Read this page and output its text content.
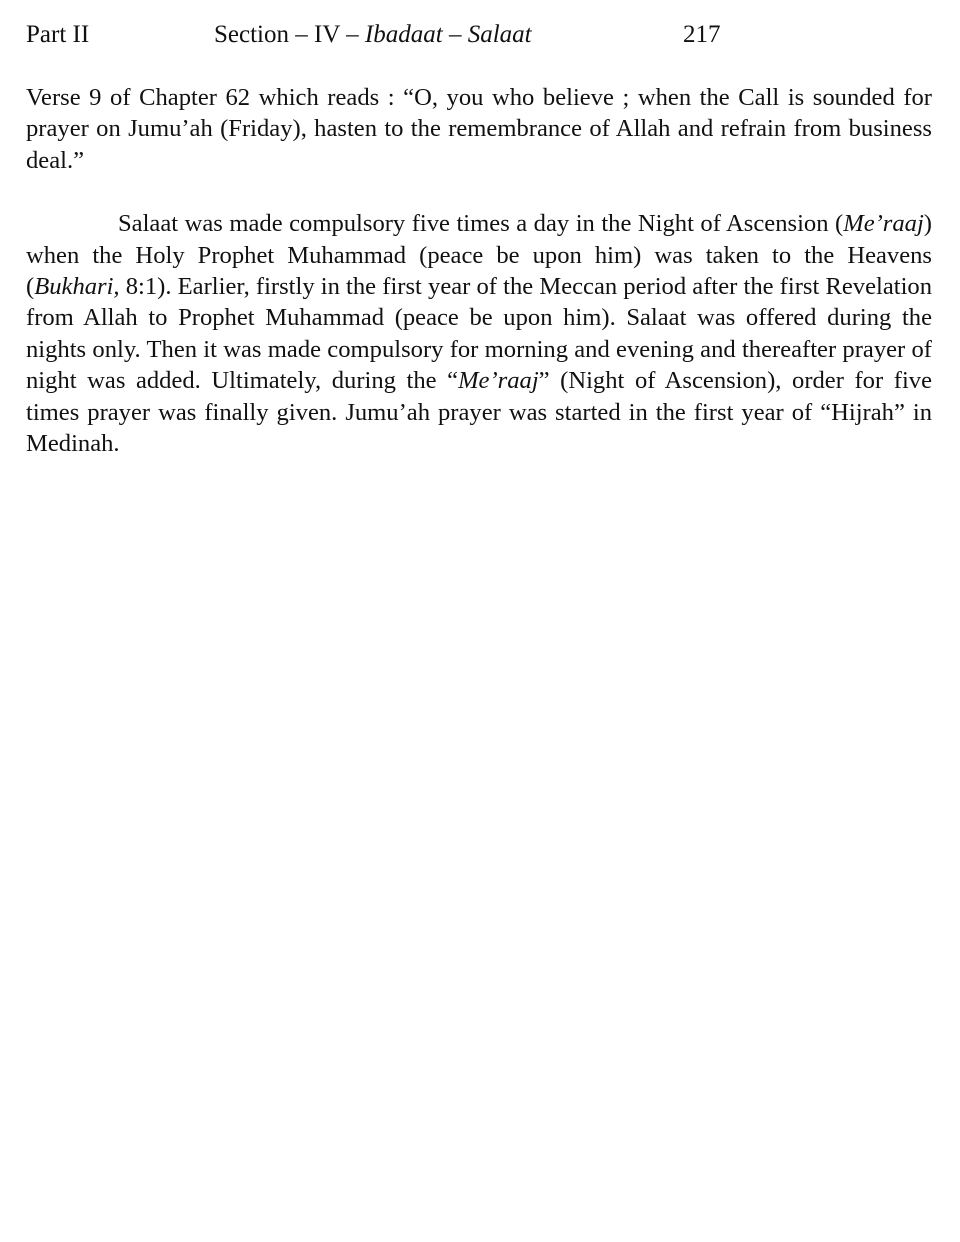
Part II	Section – IV – Ibadaat – Salaat	217

Verse 9 of Chapter 62 which reads : “O, you who believe ; when the Call is sounded for prayer on Jumu’ah (Friday), hasten to the remembrance of Allah and refrain from business deal.”

Salaat was made compulsory five times a day in the Night of Ascension (Me’raaj) when the Holy Prophet Muhammad (peace be upon him) was taken to the Heavens (Bukhari, 8:1). Earlier, firstly in the first year of the Meccan period after the first Revelation from Allah to Prophet Muhammad (peace be upon him). Salaat was offered during the nights only. Then it was made compulsory for morning and evening and thereafter prayer of night was added. Ultimately, during the “Me’raaj” (Night of Ascension), order for five times prayer was finally given. Jumu’ah prayer was started in the first year of “Hijrah” in Medinah.
